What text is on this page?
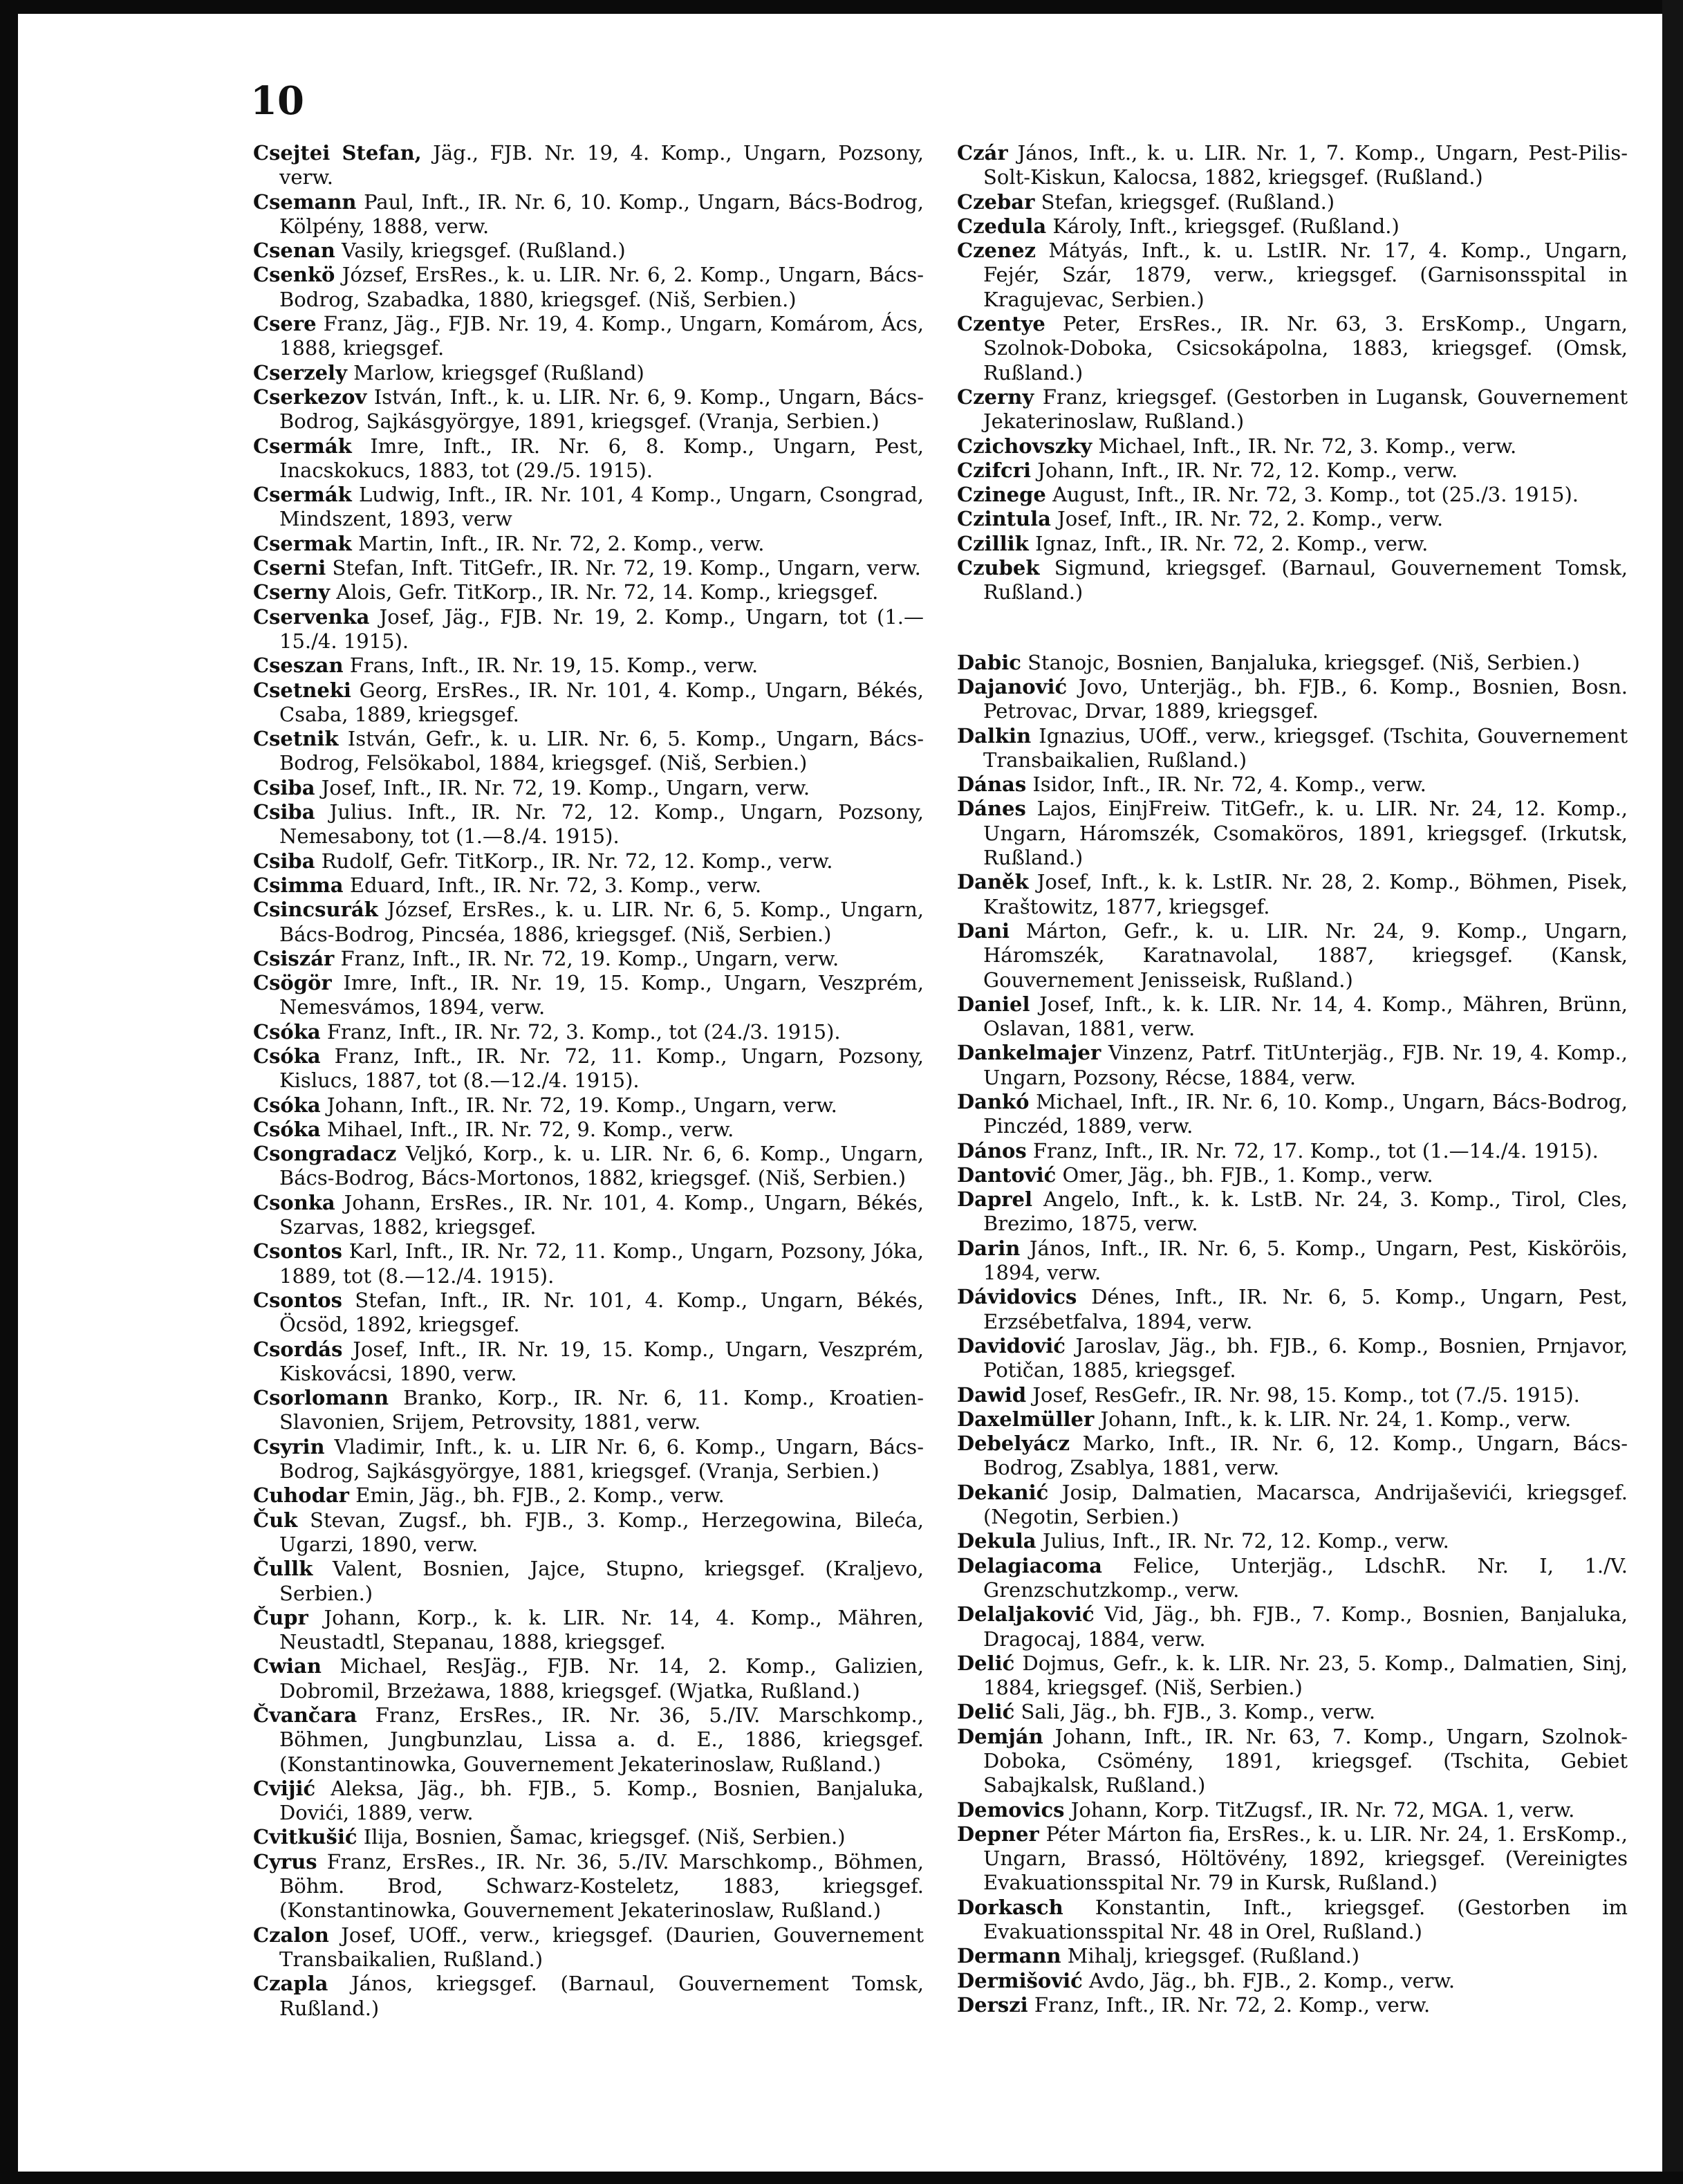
10

Csejtei Stefan, Jäg., FJB. Nr. 19, 4. Komp., Ungarn, Pozsony, verw.

Csemann Paul, Inft., IR. Nr. 6, 10. Komp., Ungarn, Bács-Bodrog, Kölpény, 1888, verw.

Csenan Vasily, kriegsgef. (Rußland.)

Csenkö József, ErsRes., k. u. LIR. Nr. 6, 2. Komp., Ungarn, Bács-Bodrog, Szabadka, 1880, kriegsgef. (Niš, Serbien.)

Csere Franz, Jäg., FJB. Nr. 19, 4. Komp., Ungarn, Komárom, Ács, 1888, kriegsgef.

Cserzely Marlow, kriegsgef (Rußland)

Cserkezov István, Inft., k. u. LIR. Nr. 6, 9. Komp., Ungarn, Bács-Bodrog, Sajkásgyörgye, 1891, kriegsgef. (Vranja, Serbien.)

Csermák Imre, Inft., IR. Nr. 6, 8. Komp., Ungarn, Pest, Inacskokucs, 1883, tot (29./5. 1915).

Csermák Ludwig, Inft., IR. Nr. 101, 4 Komp., Ungarn, Csongrad, Mindszent, 1893, verw

Csermak Martin, Inft., IR. Nr. 72, 2. Komp., verw.

Cserni Stefan, Inft. TitGefr., IR. Nr. 72, 19. Komp., Ungarn, verw.

Cserny Alois, Gefr. TitKorp., IR. Nr. 72, 14. Komp., kriegsgef.

Cservenka Josef, Jäg., FJB. Nr. 19, 2. Komp., Ungarn, tot (1.—15./4. 1915).

Cseszan Frans, Inft., IR. Nr. 19, 15. Komp., verw.

Csetneki Georg, ErsRes., IR. Nr. 101, 4. Komp., Ungarn, Békés, Csaba, 1889, kriegsgef.

Csetnik István, Gefr., k. u. LIR. Nr. 6, 5. Komp., Ungarn, Bács-Bodrog, Felsökabol, 1884, kriegsgef. (Niš, Serbien.)

Csiba Josef, Inft., IR. Nr. 72, 19. Komp., Ungarn, verw.

Csiba Julius. Inft., IR. Nr. 72, 12. Komp., Ungarn, Pozsony, Nemesabony, tot (1.—8./4. 1915).

Csiba Rudolf, Gefr. TitKorp., IR. Nr. 72, 12. Komp., verw.

Csimma Eduard, Inft., IR. Nr. 72, 3. Komp., verw.

Csincsurák József, ErsRes., k. u. LIR. Nr. 6, 5. Komp., Ungarn, Bács-Bodrog, Pincséa, 1886, kriegsgef. (Niš, Serbien.)

Csiszár Franz, Inft., IR. Nr. 72, 19. Komp., Ungarn, verw.

Csögör Imre, Inft., IR. Nr. 19, 15. Komp., Ungarn, Veszprém, Nemesvámos, 1894, verw.

Csóka Franz, Inft., IR. Nr. 72, 3. Komp., tot (24./3. 1915).

Csóka Franz, Inft., IR. Nr. 72, 11. Komp., Ungarn, Pozsony, Kislucs, 1887, tot (8.—12./4. 1915).

Csóka Johann, Inft., IR. Nr. 72, 19. Komp., Ungarn, verw.

Csóka Mihael, Inft., IR. Nr. 72, 9. Komp., verw.

Csongradacz Veljkó, Korp., k. u. LIR. Nr. 6, 6. Komp., Ungarn, Bács-Bodrog, Bács-Mortonos, 1882, kriegsgef. (Niš, Serbien.)

Csonka Johann, ErsRes., IR. Nr. 101, 4. Komp., Ungarn, Békés, Szarvas, 1882, kriegsgef.

Csontos Karl, Inft., IR. Nr. 72, 11. Komp., Ungarn, Pozsony, Jóka, 1889, tot (8.—12./4. 1915).

Csontos Stefan, Inft., IR. Nr. 101, 4. Komp., Ungarn, Békés, Öcsöd, 1892, kriegsgef.

Csordás Josef, Inft., IR. Nr. 19, 15. Komp., Ungarn, Veszprém, Kiskovácsi, 1890, verw.

Csorlomann Branko, Korp., IR. Nr. 6, 11. Komp., Kroatien-Slavonien, Srijem, Petrovsity, 1881, verw.

Csyrin Vladimir, Inft., k. u. LIR Nr. 6, 6. Komp., Ungarn, Bács-Bodrog, Sajkásgyörgye, 1881, kriegsgef. (Vranja, Serbien.)

Cuhodar Emin, Jäg., bh. FJB., 2. Komp., verw.

Čuk Stevan, Zugsf., bh. FJB., 3. Komp., Herzegowina, Bileća, Ugarzi, 1890, verw.

Čullk Valent, Bosnien, Jajce, Stupno, kriegsgef. (Kraljevo, Serbien.)

Čupr Johann, Korp., k. k. LIR. Nr. 14, 4. Komp., Mähren, Neustadtl, Stepanau, 1888, kriegsgef.

Cwian Michael, ResJäg., FJB. Nr. 14, 2. Komp., Galizien, Dobromil, Brzeżawa, 1888, kriegsgef. (Wjatka, Rußland.)

Čvančara Franz, ErsRes., IR. Nr. 36, 5./IV. Marschkomp., Böhmen, Jungbunzlau, Lissa a. d. E., 1886, kriegsgef. (Konstantinowka, Gouvernement Jekaterinoslaw, Rußland.)

Cvijić Aleksa, Jäg., bh. FJB., 5. Komp., Bosnien, Banjaluka, Dovići, 1889, verw.

Cvitkušić Ilija, Bosnien, Šamac, kriegsgef. (Niš, Serbien.)

Cyrus Franz, ErsRes., IR. Nr. 36, 5./IV. Marschkomp., Böhmen, Böhm. Brod, Schwarz-Kosteletz, 1883, kriegsgef. (Konstantinowka, Gouvernement Jekaterinoslaw, Rußland.)

Czalon Josef, UOff., verw., kriegsgef. (Daurien, Gouvernement Transbaikalien, Rußland.)

Czapla János, kriegsgef. (Barnaul, Gouvernement Tomsk, Rußland.)

Czár János, Inft., k. u. LIR. Nr. 1, 7. Komp., Ungarn, Pest-Pilis-Solt-Kiskun, Kalocsa, 1882, kriegsgef. (Rußland.)

Czebar Stefan, kriegsgef. (Rußland.)

Czedula Károly, Inft., kriegsgef. (Rußland.)

Czenez Mátyás, Inft., k. u. LstIR. Nr. 17, 4. Komp., Ungarn, Fejér, Szár, 1879, verw., kriegsgef. (Garnisonsspital in Kragujevac, Serbien.)

Czentye Peter, ErsRes., IR. Nr. 63, 3. ErsKomp., Ungarn, Szolnok-Doboka, Csicsokápolna, 1883, kriegsgef. (Omsk, Rußland.)

Czerny Franz, kriegsgef. (Gestorben in Lugansk, Gouvernement Jekaterinoslaw, Rußland.)

Czichovszky Michael, Inft., IR. Nr. 72, 3. Komp., verw.

Czifcri Johann, Inft., IR. Nr. 72, 12. Komp., verw.

Czinege August, Inft., IR. Nr. 72, 3. Komp., tot (25./3. 1915).

Czintula Josef, Inft., IR. Nr. 72, 2. Komp., verw.

Czillik Ignaz, Inft., IR. Nr. 72, 2. Komp., verw.

Czubek Sigmund, kriegsgef. (Barnaul, Gouvernement Tomsk, Rußland.)

Dabic Stanojc, Bosnien, Banjaluka, kriegsgef. (Niš, Serbien.)

Dajanović Jovo, Unterjäg., bh. FJB., 6. Komp., Bosnien, Bosn. Petrovac, Drvar, 1889, kriegsgef.

Dalkin Ignazius, UOff., verw., kriegsgef. (Tschita, Gouvernement Transbaikalien, Rußland.)

Dánas Isidor, Inft., IR. Nr. 72, 4. Komp., verw.

Dánes Lajos, EinjFreiw. TitGefr., k. u. LIR. Nr. 24, 12. Komp., Ungarn, Háromszék, Csomaköros, 1891, kriegsgef. (Irkutsk, Rußland.)

Daněk Josef, Inft., k. k. LstIR. Nr. 28, 2. Komp., Böhmen, Pisek, Kraštowitz, 1877, kriegsgef.

Dani Márton, Gefr., k. u. LIR. Nr. 24, 9. Komp., Ungarn, Háromszék, Karatnavolal, 1887, kriegsgef. (Kansk, Gouvernement Jenisseisk, Rußland.)

Daniel Josef, Inft., k. k. LIR. Nr. 14, 4. Komp., Mähren, Brünn, Oslavan, 1881, verw.

Dankelmajer Vinzenz, Patrf. TitUnterjäg., FJB. Nr. 19, 4. Komp., Ungarn, Pozsony, Récse, 1884, verw.

Dankó Michael, Inft., IR. Nr. 6, 10. Komp., Ungarn, Bács-Bodrog, Pinczéd, 1889, verw.

Dános Franz, Inft., IR. Nr. 72, 17. Komp., tot (1.—14./4. 1915).

Dantović Omer, Jäg., bh. FJB., 1. Komp., verw.

Daprel Angelo, Inft., k. k. LstB. Nr. 24, 3. Komp., Tirol, Cles, Brezimo, 1875, verw.

Darin János, Inft., IR. Nr. 6, 5. Komp., Ungarn, Pest, Kisköröis, 1894, verw.

Dávidovics Dénes, Inft., IR. Nr. 6, 5. Komp., Ungarn, Pest, Erzsébetfalva, 1894, verw.

Davidović Jaroslav, Jäg., bh. FJB., 6. Komp., Bosnien, Prnjavor, Potičan, 1885, kriegsgef.

Dawid Josef, ResGefr., IR. Nr. 98, 15. Komp., tot (7./5. 1915).

Daxelmüller Johann, Inft., k. k. LIR. Nr. 24, 1. Komp., verw.

Debelyácz Marko, Inft., IR. Nr. 6, 12. Komp., Ungarn, Bács-Bodrog, Zsablya, 1881, verw.

Dekanić Josip, Dalmatien, Macarsca, Andrijaševići, kriegsgef. (Negotin, Serbien.)

Dekula Julius, Inft., IR. Nr. 72, 12. Komp., verw.

Delagiacoma Felice, Unterjäg., LdschR. Nr. I, 1./V. Grenzschutzkomp., verw.

Delaljaković Vid, Jäg., bh. FJB., 7. Komp., Bosnien, Banjaluka, Dragocaj, 1884, verw.

Delić Dojmus, Gefr., k. k. LIR. Nr. 23, 5. Komp., Dalmatien, Sinj, 1884, kriegsgef. (Niš, Serbien.)

Delić Sali, Jäg., bh. FJB., 3. Komp., verw.

Demján Johann, Inft., IR. Nr. 63, 7. Komp., Ungarn, Szolnok-Doboka, Csömény, 1891, kriegsgef. (Tschita, Gebiet Sabajkalsk, Rußland.)

Demovics Johann, Korp. TitZugsf., IR. Nr. 72, MGA. 1, verw.

Depner Péter Márton fia, ErsRes., k. u. LIR. Nr. 24, 1. ErsKomp., Ungarn, Brassó, Höltövény, 1892, kriegsgef. (Vereinigtes Evakuationsspital Nr. 79 in Kursk, Rußland.)

Dorkasch Konstantin, Inft., kriegsgef. (Gestorben im Evakuationsspital Nr. 48 in Orel, Rußland.)

Dermann Mihalj, kriegsgef. (Rußland.)

Dermišović Avdo, Jäg., bh. FJB., 2. Komp., verw.

Derszi Franz, Inft., IR. Nr. 72, 2. Komp., verw.
